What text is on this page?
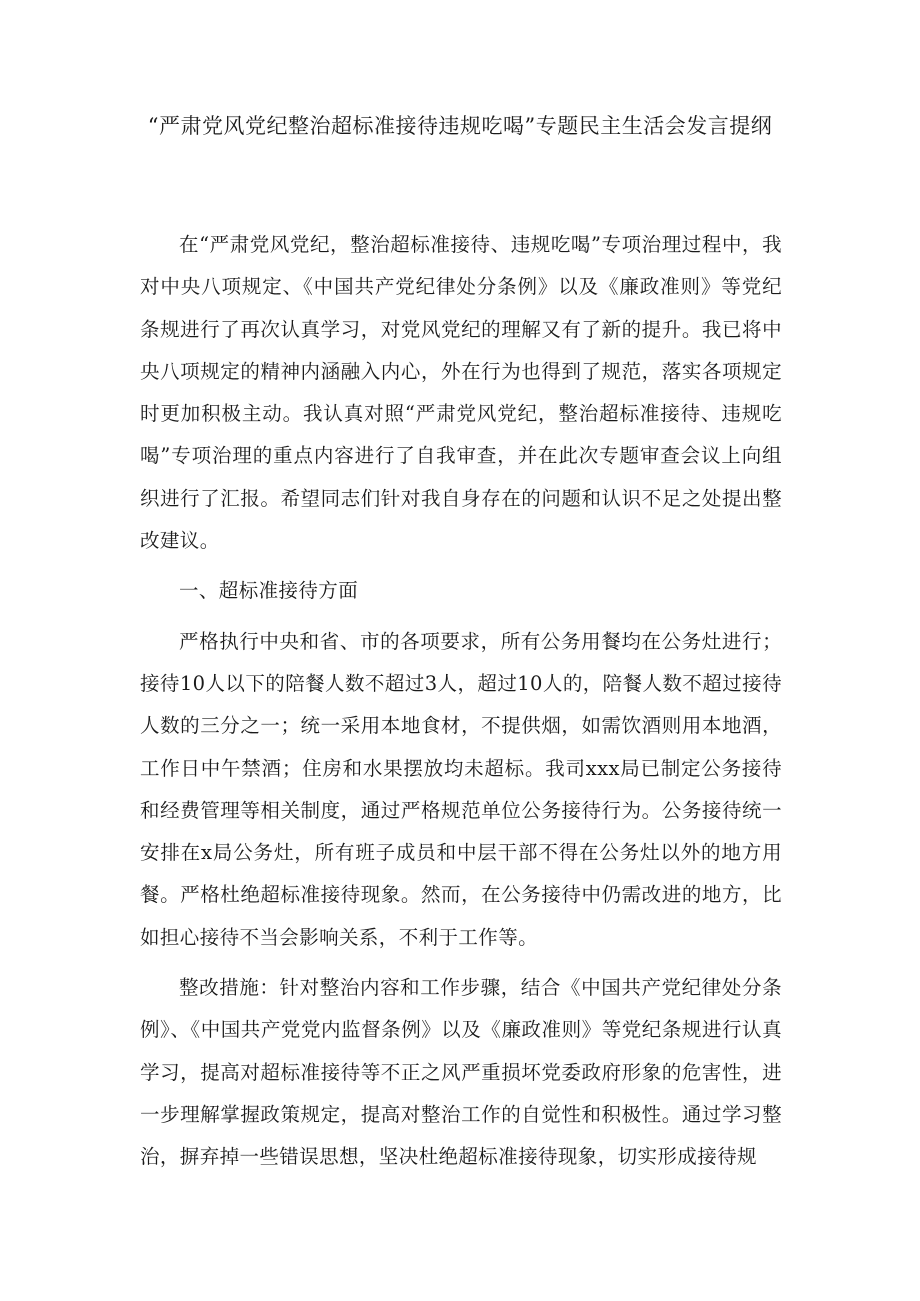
“严肃党风党纪整治超标准接待违规吃喝”专题民主生活会发言提纲

在“严肃党风党纪，整治超标准接待、违规吃喝”专项治理过程中，我对中央八项规定、《中国共产党纪律处分条例》以及《廉政准则》等党纪条规进行了再次认真学习，对党风党纪的理解又有了新的提升。我已将中央八项规定的精神内涵融入内心，外在行为也得到了规范，落实各项规定时更加积极主动。我认真对照“严肃党风党纪，整治超标准接待、违规吃喝”专项治理的重点内容进行了自我审查，并在此次专题审查会议上向组织进行了汇报。希望同志们针对我自身存在的问题和认识不足之处提出整改建议。

一、超标准接待方面

严格执行中央和省、市的各项要求，所有公务用餐均在公务灶进行；接待10人以下的陪餐人数不超过3人，超过10人的，陪餐人数不超过接待人数的三分之一；统一采用本地食材，不提供烟，如需饮酒则用本地酒，工作日中午禁酒；住房和水果摆放均未超标。我司xxx局已制定公务接待和经费管理等相关制度，通过严格规范单位公务接待行为。公务接待统一安排在x局公务灶，所有班子成员和中层干部不得在公务灶以外的地方用餐。严格杜绝超标准接待现象。然而，在公务接待中仍需改进的地方，比如担心接待不当会影响关系，不利于工作等。

整改措施：针对整治内容和工作步骤，结合《中国共产党纪律处分条例》、《中国共产党党内监督条例》以及《廉政准则》等党纪条规进行认真学习，提高对超标准接待等不正之风严重损坏党委政府形象的危害性，进一步理解掌握政策规定，提高对整治工作的自觉性和积极性。通过学习整治，摒弃掉一些错误思想，坚决杜绝超标准接待现象，切实形成接待规
